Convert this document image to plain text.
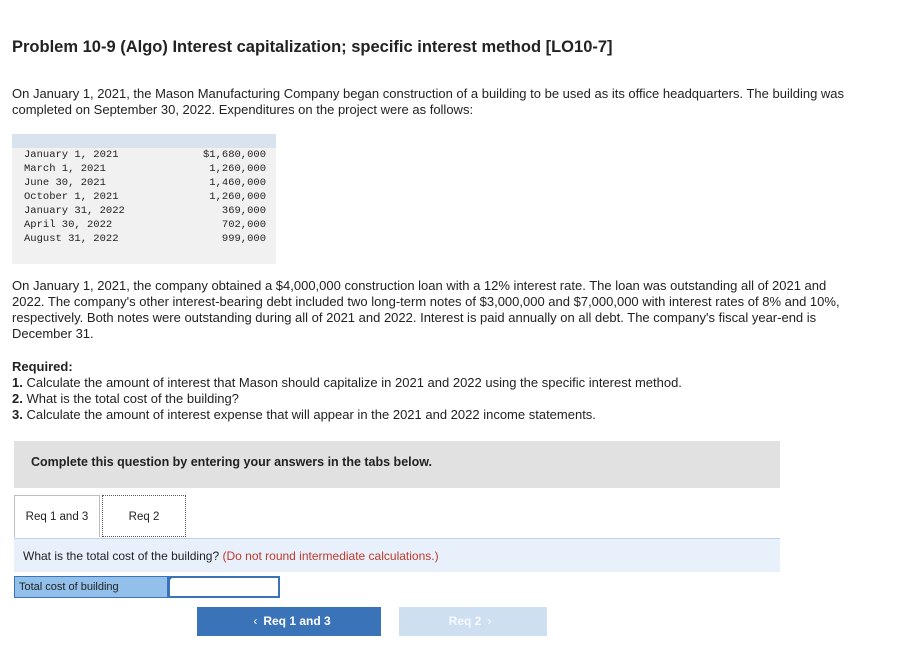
Problem 10-9 (Algo) Interest capitalization; specific interest method [LO10-7]
On January 1, 2021, the Mason Manufacturing Company began construction of a building to be used as its office headquarters. The building was completed on September 30, 2022. Expenditures on the project were as follows:
January 1, 2021	$1,680,000
March 1, 2021	1,260,000
June 30, 2021	1,460,000
October 1, 2021	1,260,000
January 31, 2022	369,000
April 30, 2022	702,000
August 31, 2022	999,000
On January 1, 2021, the company obtained a $4,000,000 construction loan with a 12% interest rate. The loan was outstanding all of 2021 and 2022. The company's other interest-bearing debt included two long-term notes of $3,000,000 and $7,000,000 with interest rates of 8% and 10%, respectively. Both notes were outstanding during all of 2021 and 2022. Interest is paid annually on all debt. The company's fiscal year-end is December 31.
Required:
1. Calculate the amount of interest that Mason should capitalize in 2021 and 2022 using the specific interest method.
2. What is the total cost of the building?
3. Calculate the amount of interest expense that will appear in the 2021 and 2022 income statements.
Complete this question by entering your answers in the tabs below.
Req 1 and 3	Req 2
What is the total cost of the building? (Do not round intermediate calculations.)
Total cost of building
‹ Req 1 and 3	Req 2 ›
